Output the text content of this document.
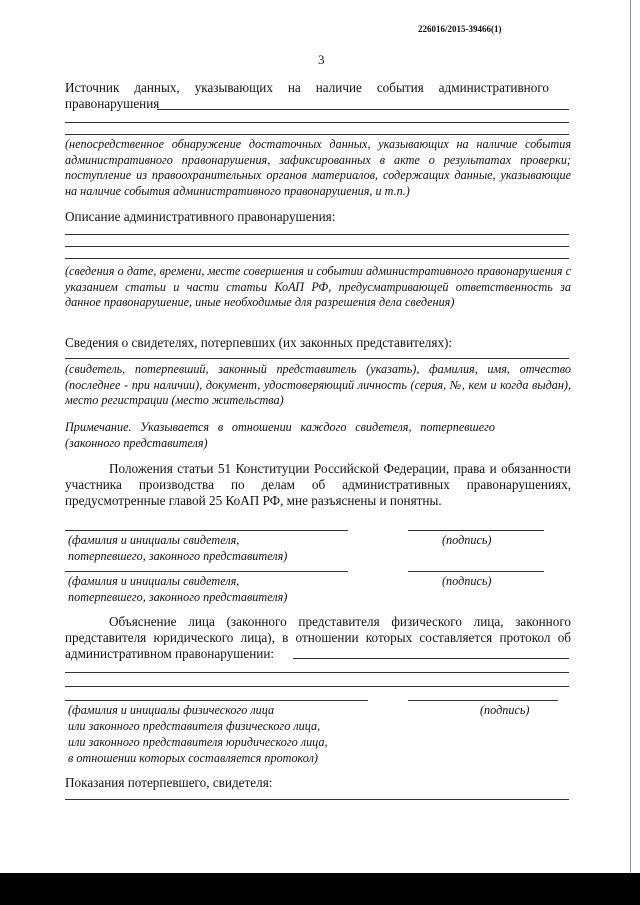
226016/2015-39466(1)
3
Источник данных, указывающих на наличие события административного
правонарушения
(непосредственное обнаружение достаточных данных, указывающих на наличие события административного правонарушения, зафиксированных в акте о результатах проверки; поступление из правоохранительных органов материалов, содержащих данные, указывающие на наличие события административного правонарушения, и т.п.)
Описание административного правонарушения:
(сведения о дате, времени, месте совершения и событии административного правонарушения с указанием статьи и части статьи КоАП РФ, предусматривающей ответственность за данное правонарушение, иные необходимые для разрешения дела сведения)
Сведения о свидетелях, потерпевших (их законных представителях):
(свидетель, потерпевший, законный представитель (указать), фамилия, имя, отчество (последнее - при наличии), документ, удостоверяющий личность (серия, №, кем и когда выдан), место регистрации (место жительства)
Примечание. Указывается в отношении каждого свидетеля, потерпевшего (законного представителя)
Положения статьи 51 Конституции Российской Федерации, права и обязанности участника производства по делам об административных правонарушениях, предусмотренные главой 25 КоАП РФ, мне разъяснены и понятны.
(фамилия и инициалы свидетеля,
потерпевшего, законного представителя)
(подпись)
(фамилия и инициалы свидетеля,
потерпевшего, законного представителя)
(подпись)
Объяснение лица (законного представителя физического лица, законного представителя юридического лица), в отношении которых составляется протокол об административном правонарушении:
(фамилия и инициалы физического лица
или законного представителя физического лица,
или законного представителя юридического лица,
в отношении которых составляется протокол)
(подпись)
Показания потерпевшего, свидетеля:
